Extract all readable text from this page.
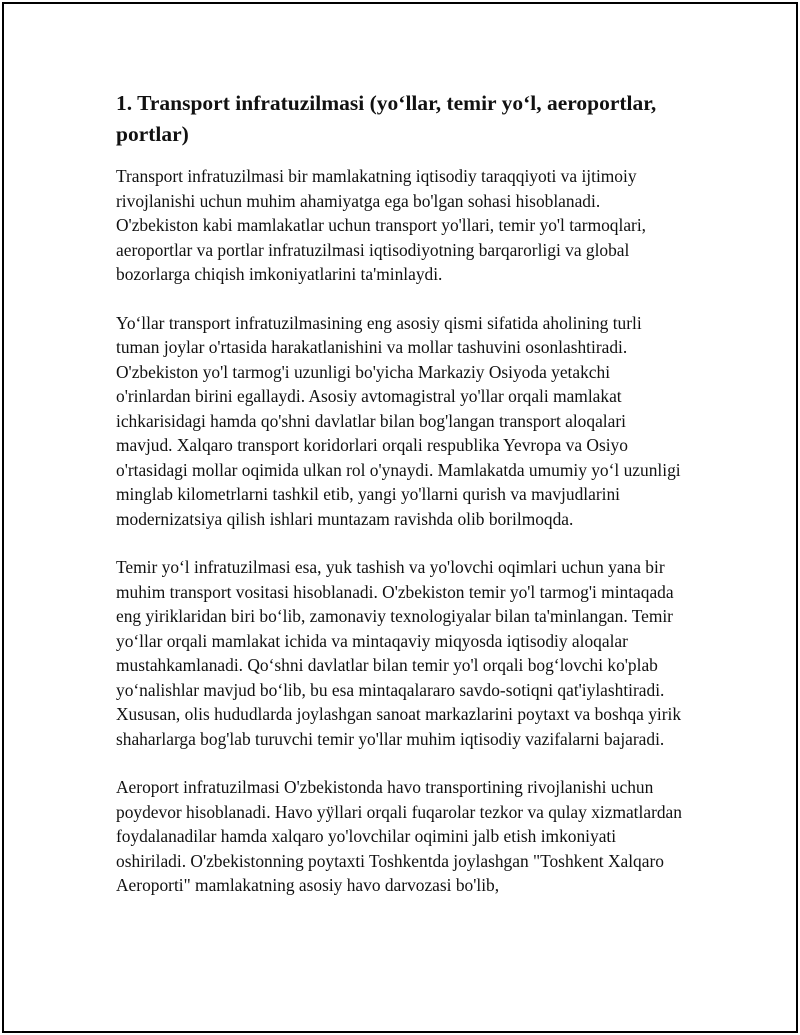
1. Transport infratuzilmasi (yo‘llar, temir yo‘l, aeroportlar, portlar)

Transport infratuzilmasi bir mamlakatning iqtisodiy taraqqiyoti va ijtimoiy rivojlanishi uchun muhim ahamiyatga ega bo'lgan sohasi hisoblanadi. O'zbekiston kabi mamlakatlar uchun transport yo'llari, temir yo'l tarmoqlari, aeroportlar va portlar infratuzilmasi iqtisodiyotning barqarorligi va global bozorlarga chiqish imkoniyatlarini ta'minlaydi.

Yo‘llar transport infratuzilmasining eng asosiy qismi sifatida aholining turli tuman joylar o'rtasida harakatlanishini va mollar tashuvini osonlashtiradi. O'zbekiston yo'l tarmog'i uzunligi bo'yicha Markaziy Osiyoda yetakchi o'rinlardan birini egallaydi. Asosiy avtomagistral yo'llar orqali mamlakat ichkarisidagi hamda qo'shni davlatlar bilan bog'langan transport aloqalari mavjud. Xalqaro transport koridorlari orqali respublika Yevropa va Osiyo o'rtasidagi mollar oqimida ulkan rol o'ynaydi. Mamlakatda umumiy yo‘l uzunligi minglab kilometrlarni tashkil etib, yangi yo'llarni qurish va mavjudlarini modernizatsiya qilish ishlari muntazam ravishda olib borilmoqda.

Temir yo‘l infratuzilmasi esa, yuk tashish va yo'lovchi oqimlari uchun yana bir muhim transport vositasi hisoblanadi. O'zbekiston temir yo'l tarmog'i mintaqada eng yiriklaridan biri bo‘lib, zamonaviy texnologiyalar bilan ta'minlangan. Temir yo‘llar orqali mamlakat ichida va mintaqaviy miqyosda iqtisodiy aloqalar mustahkamlanadi. Qo‘shni davlatlar bilan temir yo'l orqali bog‘lovchi ko'plab yo‘nalishlar mavjud bo‘lib, bu esa mintaqalararo savdo-sotiqni qat'iylashtiradi. Xususan, olis hududlarda joylashgan sanoat markazlarini poytaxt va boshqa yirik shaharlarga bog'lab turuvchi temir yo'llar muhim iqtisodiy vazifalarni bajaradi.

Aeroport infratuzilmasi O'zbekistonda havo transportining rivojlanishi uchun poydevor hisoblanadi. Havo yÿllari orqali fuqarolar tezkor va qulay xizmatlardan foydalanadilar hamda xalqaro yo'lovchilar oqimini jalb etish imkoniyati oshiriladi. O'zbekistonning poytaxti Toshkentda joylashgan "Toshkent Xalqaro Aeroporti" mamlakatning asosiy havo darvozasi bo'lib,
